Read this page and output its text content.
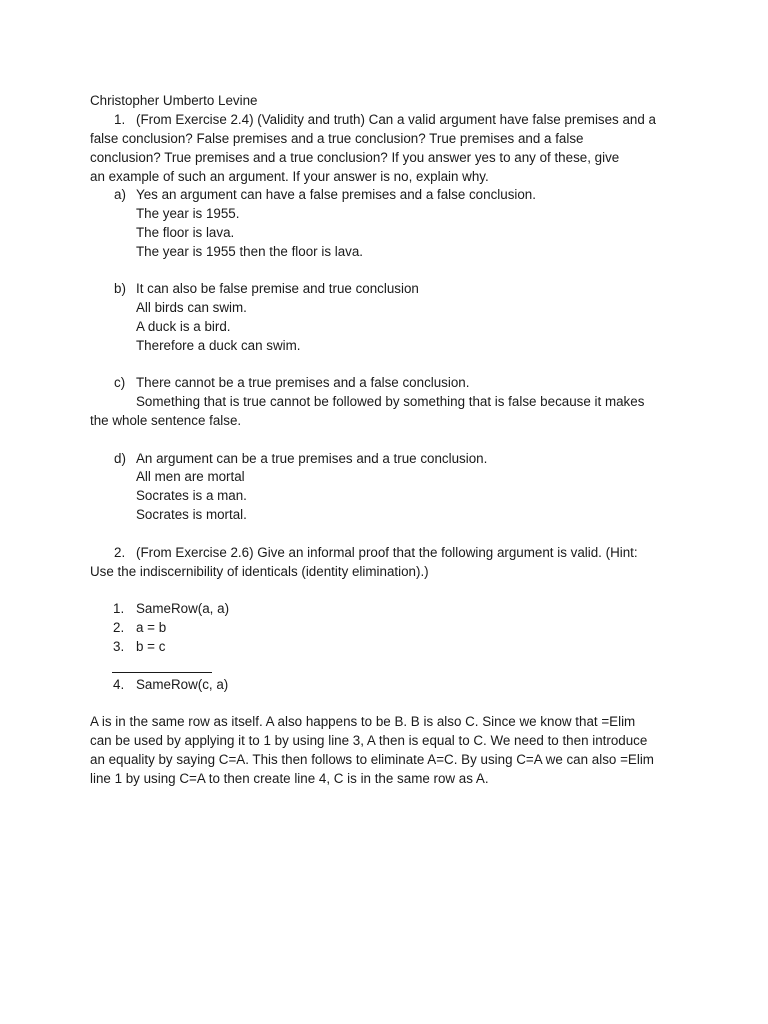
Christopher Umberto Levine
1. (From Exercise 2.4) (Validity and truth) Can a valid argument have false premises and a
false conclusion? False premises and a true conclusion? True premises and a false
conclusion? True premises and a true conclusion? If you answer yes to any of these, give
an example of such an argument. If your answer is no, explain why.
a) Yes an argument can have a false premises and a false conclusion.
The year is 1955.
The floor is lava.
The year is 1955 then the floor is lava.
b) It can also be false premise and true conclusion
All birds can swim.
A duck is a bird.
Therefore a duck can swim.
c) There cannot be a true premises and a false conclusion.
Something that is true cannot be followed by something that is false because it makes
the whole sentence false.
d) An argument can be a true premises and a true conclusion.
All men are mortal
Socrates is a man.
Socrates is mortal.
2. (From Exercise 2.6) Give an informal proof that the following argument is valid. (Hint:
Use the indiscernibility of identicals (identity elimination).)
1. SameRow(a, a)
2. a = b
3. b = c
4. SameRow(c, a)
A is in the same row as itself. A also happens to be B. B is also C. Since we know that =Elim
can be used by applying it to 1 by using line 3, A then is equal to C. We need to then introduce
an equality by saying C=A. This then follows to eliminate A=C. By using C=A we can also =Elim
line 1 by using C=A to then create line 4, C is in the same row as A.
